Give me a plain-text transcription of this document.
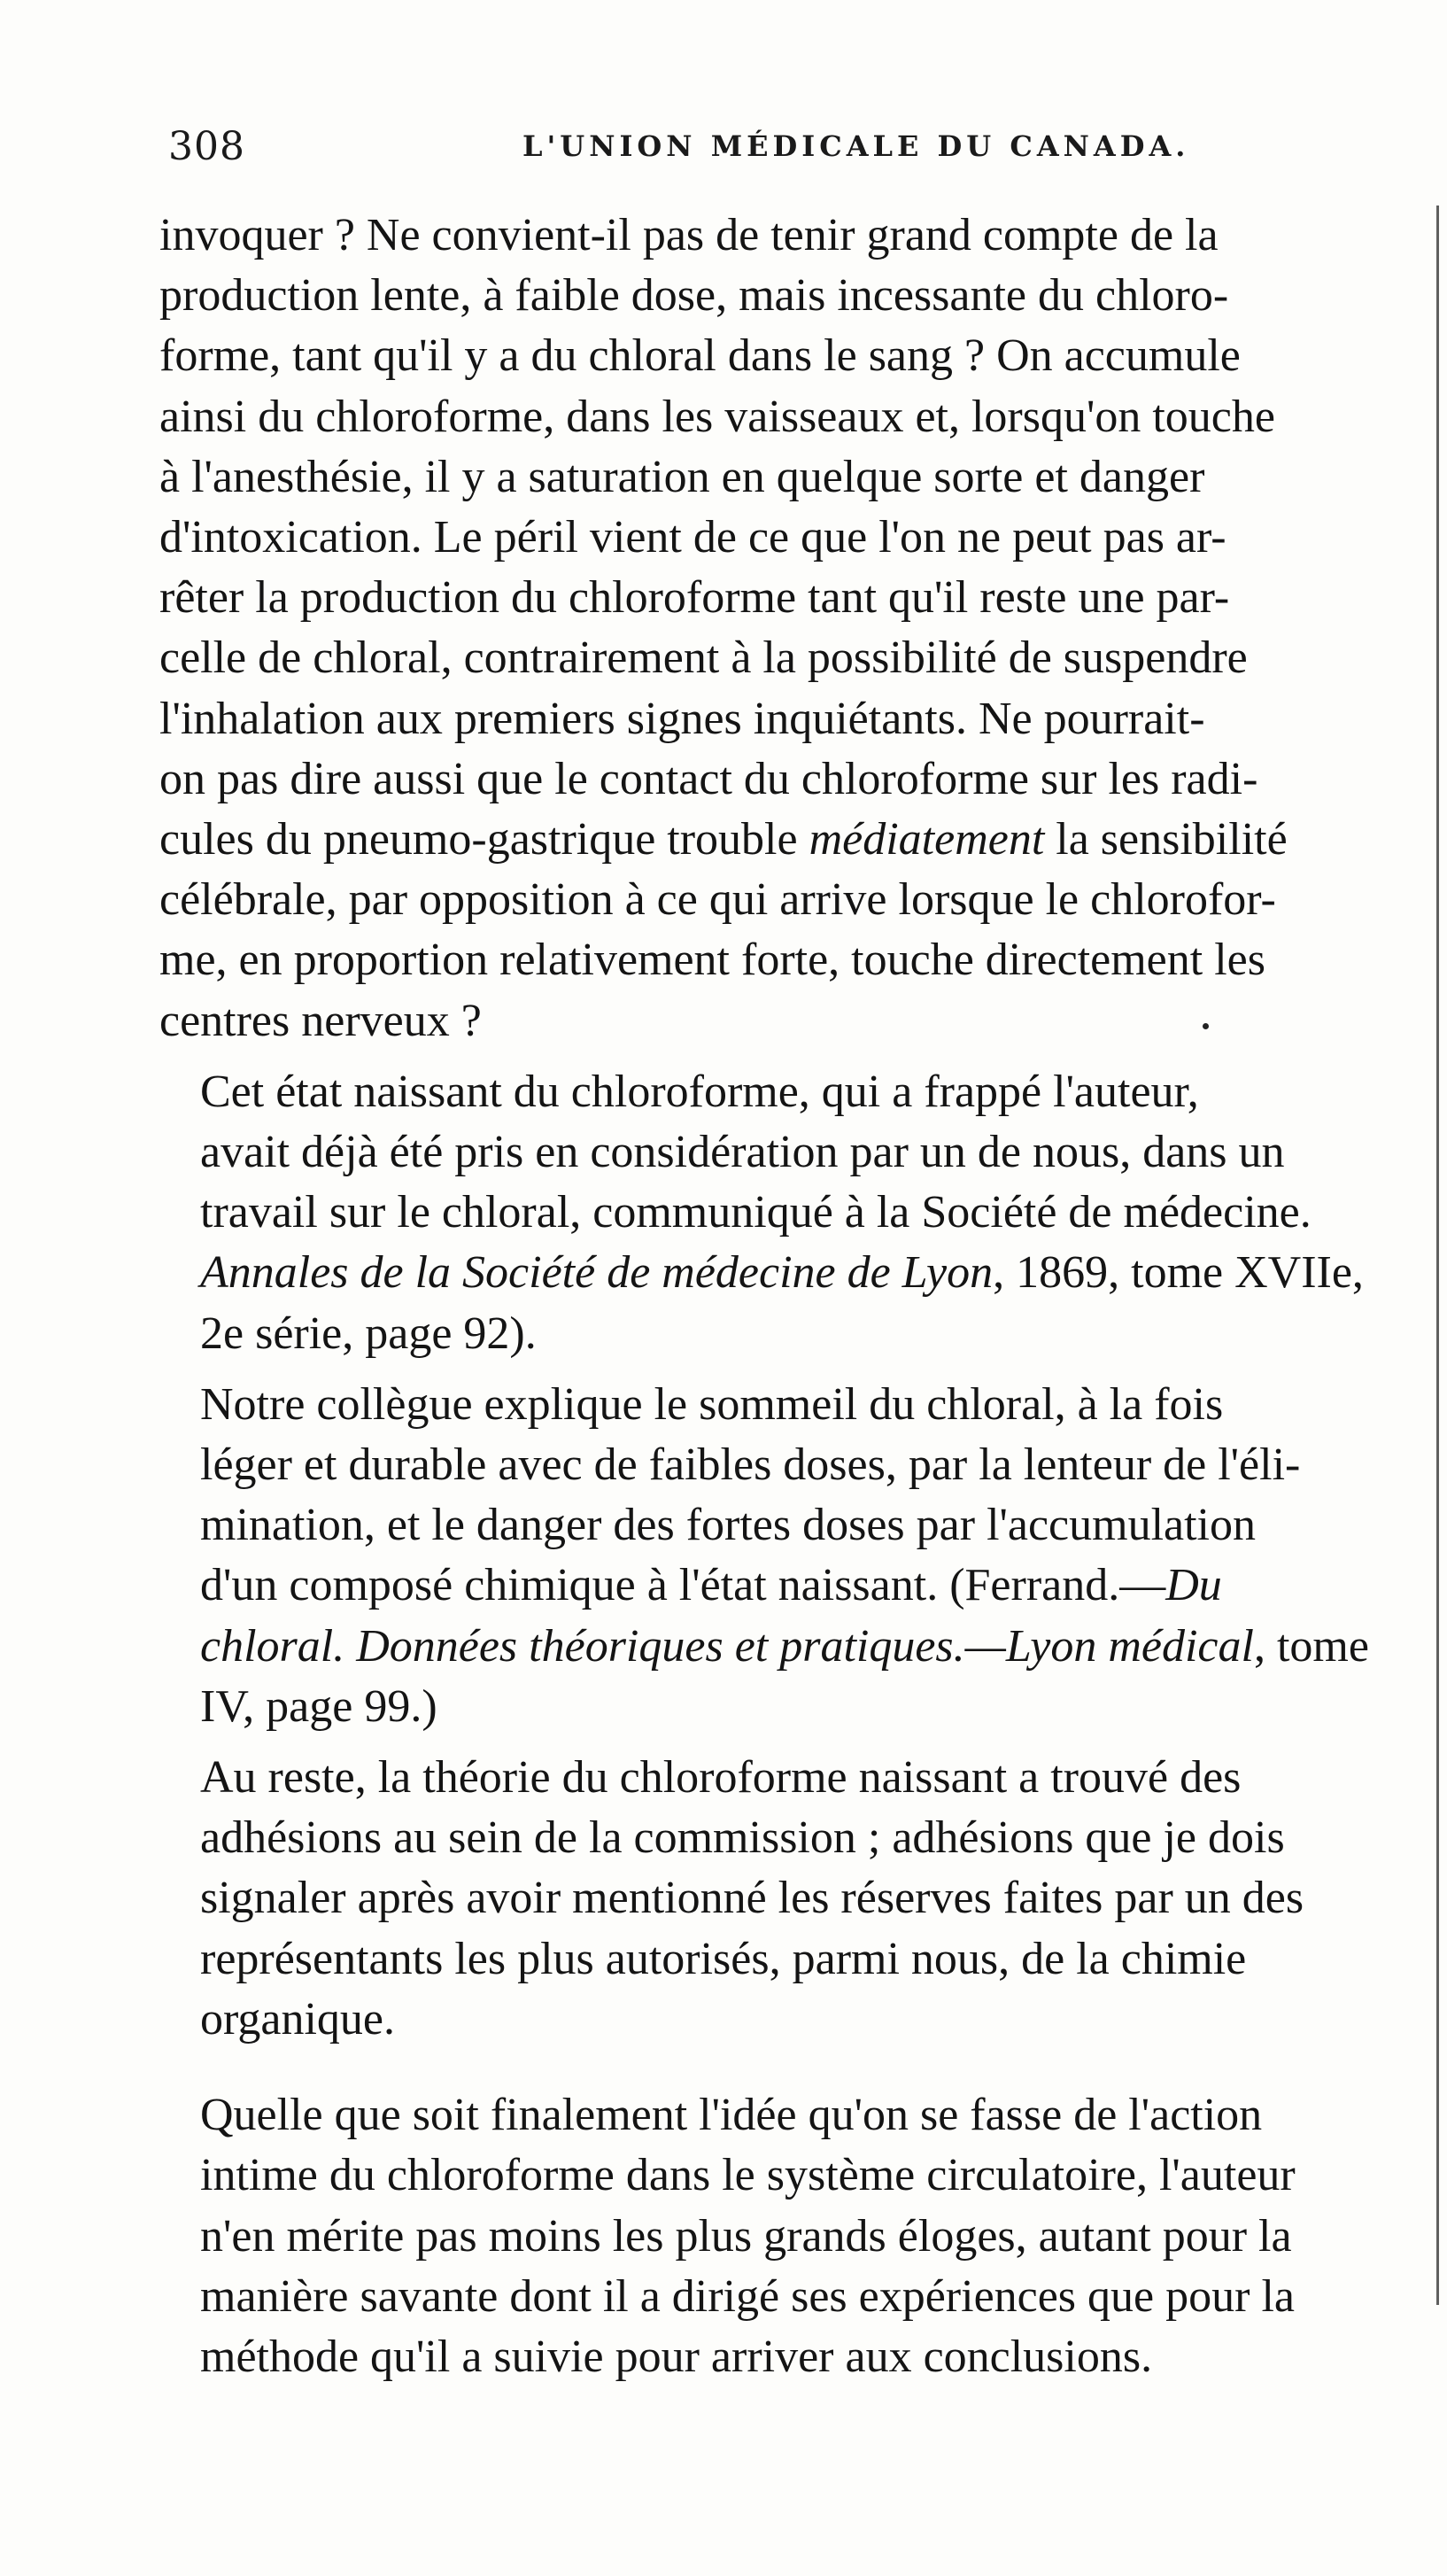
308	L'UNION MÉDICALE DU CANADA.

invoquer ? Ne convient-il pas de tenir grand compte de la
production lente, à faible dose, mais incessante du chloro-
forme, tant qu'il y a du chloral dans le sang ? On accumule
ainsi du chloroforme, dans les vaisseaux et, lorsqu'on touche
à l'anesthésie, il y a saturation en quelque sorte et danger
d'intoxication. Le péril vient de ce que l'on ne peut pas ar-
rêter la production du chloroforme tant qu'il reste une par-
celle de chloral, contrairement à la possibilité de suspendre
l'inhalation aux premiers signes inquiétants. Ne pourrait-
on pas dire aussi que le contact du chloroforme sur les radi-
cules du pneumo-gastrique trouble médiatement la sensibilité
célébrale, par opposition à ce qui arrive lorsque le chlorofor-
me, en proportion relativement forte, touche directement les
centres nerveux ?

Cet état naissant du chloroforme, qui a frappé l'auteur,
avait déjà été pris en considération par un de nous, dans un
travail sur le chloral, communiqué à la Société de médecine.
Annales de la Société de médecine de Lyon, 1869, tome XVIIe,
2e série, page 92).

Notre collègue explique le sommeil du chloral, à la fois
léger et durable avec de faibles doses, par la lenteur de l'éli-
mination, et le danger des fortes doses par l'accumulation
d'un composé chimique à l'état naissant. (Ferrand.—Du
chloral. Données théoriques et pratiques.—Lyon médical, tome
IV, page 99.)

Au reste, la théorie du chloroforme naissant a trouvé des
adhésions au sein de la commission ; adhésions que je dois
signaler après avoir mentionné les réserves faites par un des
représentants les plus autorisés, parmi nous, de la chimie
organique.

Quelle que soit finalement l'idée qu'on se fasse de l'action
intime du chloroforme dans le système circulatoire, l'auteur
n'en mérite pas moins les plus grands éloges, autant pour la
manière savante dont il a dirigé ses expériences que pour la
méthode qu'il a suivie pour arriver aux conclusions.
